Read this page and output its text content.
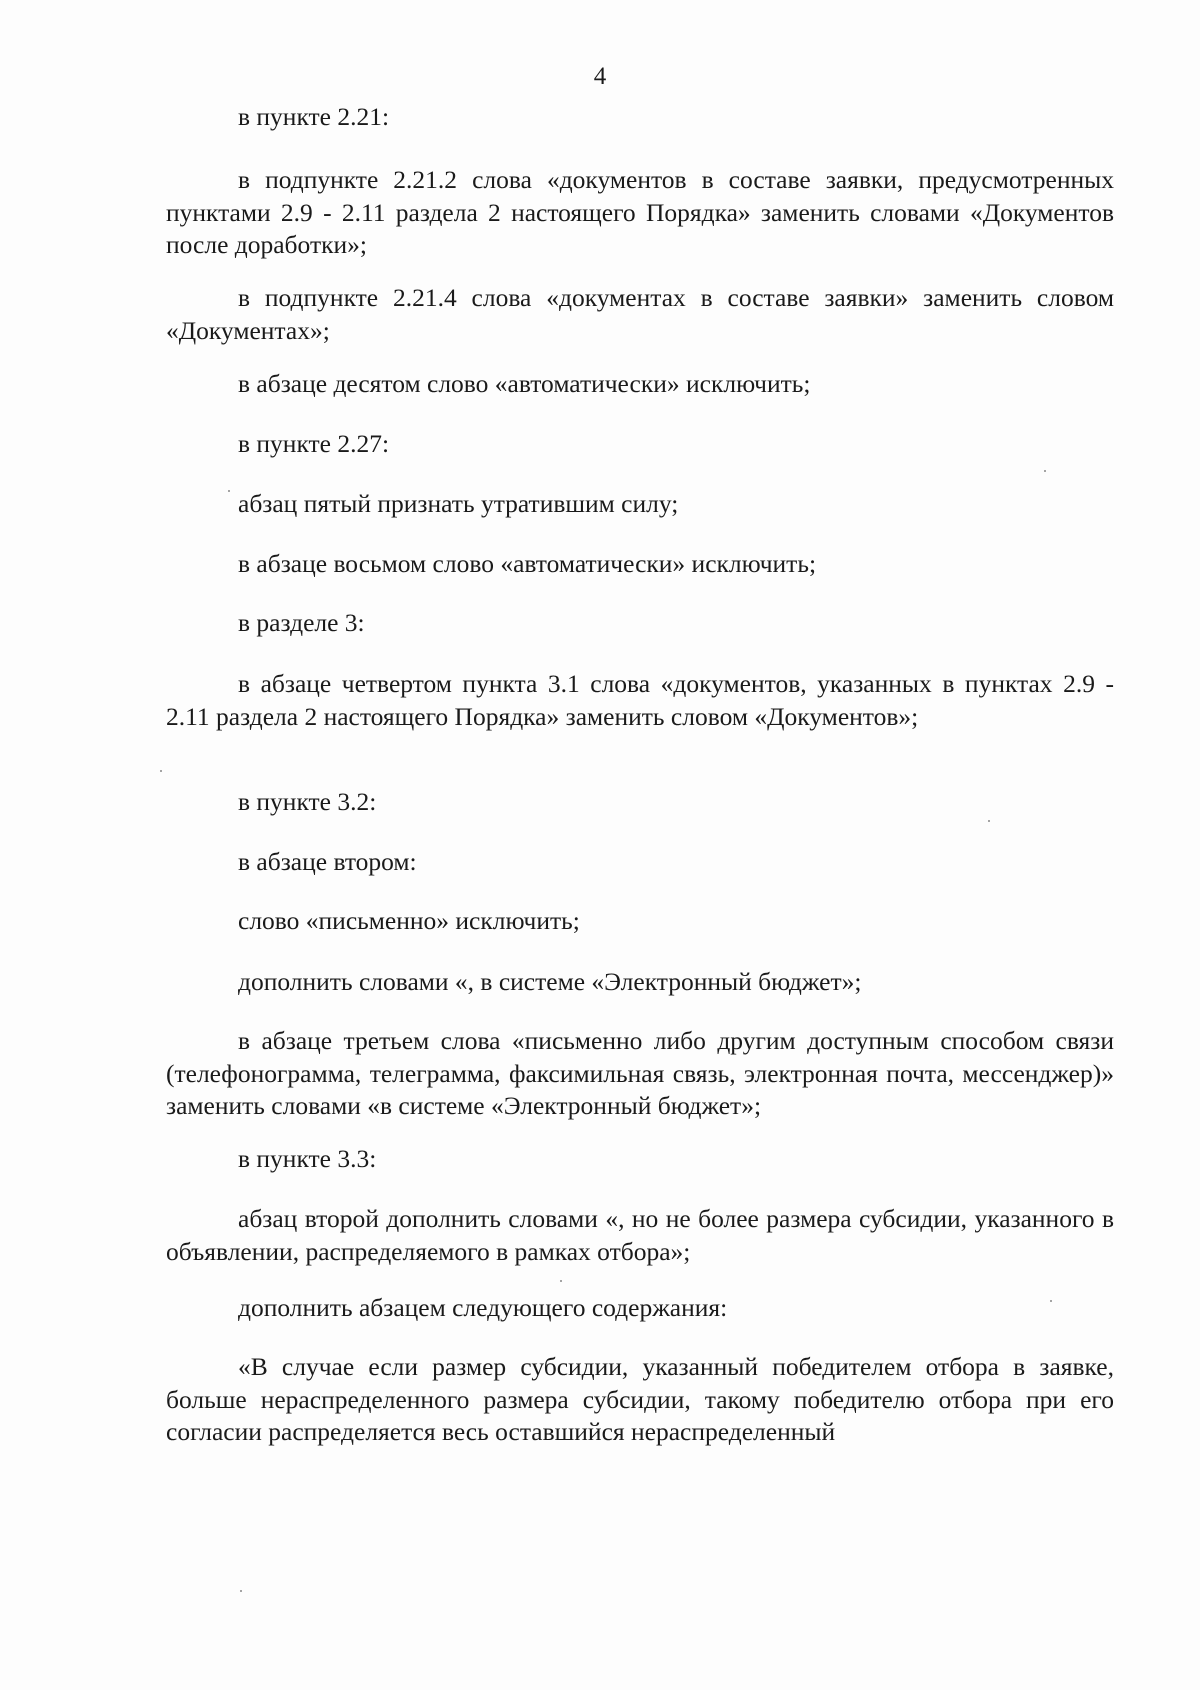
4

в пункте 2.21:

в подпункте 2.21.2 слова «документов в составе заявки, предусмотренных пунктами 2.9 - 2.11 раздела 2 настоящего Порядка» заменить словами «Документов после доработки»;

в подпункте 2.21.4 слова «документах в составе заявки» заменить словом «Документах»;

в абзаце десятом слово «автоматически» исключить;

в пункте 2.27:

абзац пятый признать утратившим силу;

в абзаце восьмом слово «автоматически» исключить;

в разделе 3:

в абзаце четвертом пункта 3.1 слова «документов, указанных в пунктах 2.9 - 2.11 раздела 2 настоящего Порядка» заменить словом «Документов»;

в пункте 3.2:

в абзаце втором:

слово «письменно» исключить;

дополнить словами «, в системе «Электронный бюджет»;

в абзаце третьем слова «письменно либо другим доступным способом связи (телефонограмма, телеграмма, факсимильная связь, электронная почта, мессенджер)» заменить словами «в системе «Электронный бюджет»;

в пункте 3.3:

абзац второй дополнить словами «, но не более размера субсидии, указанного в объявлении, распределяемого в рамках отбора»;

дополнить абзацем следующего содержания:

«В случае если размер субсидии, указанный победителем отбора в заявке, больше нераспределенного размера субсидии, такому победителю отбора при его согласии распределяется весь оставшийся нераспределенный
